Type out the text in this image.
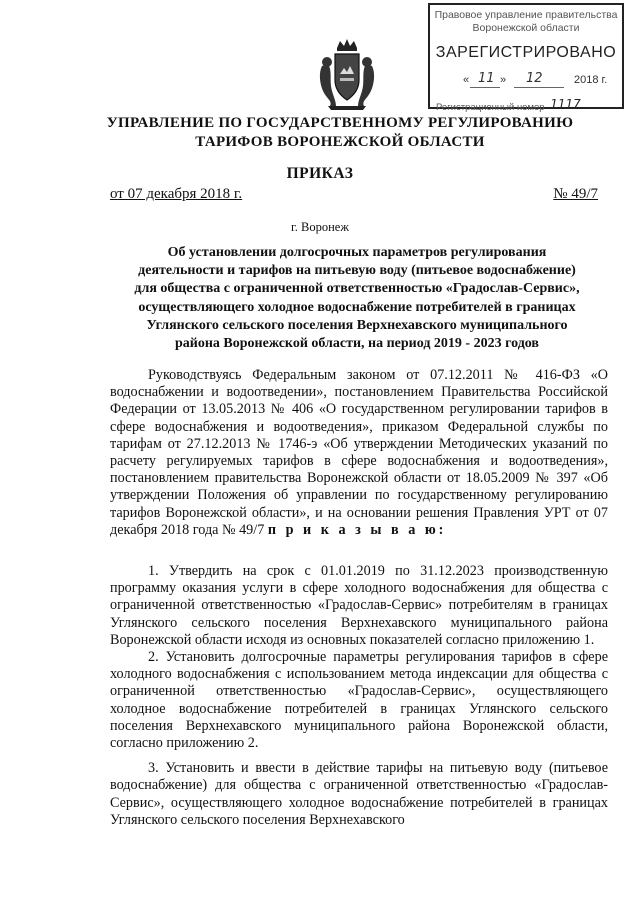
Правовое управление правительства Воронежской области
ЗАРЕГИСТРИРОВАНО
« 11 » 12	2018 г.
Регистрационный номер 1117
УПРАВЛЕНИЕ ПО ГОСУДАРСТВЕННОМУ РЕГУЛИРОВАНИЮ
ТАРИФОВ ВОРОНЕЖСКОЙ ОБЛАСТИ
ПРИКАЗ
от 07 декабря 2018 г.	№ 49/7
г. Воронеж
Об установлении долгосрочных параметров регулирования
деятельности и тарифов на питьевую воду (питьевое водоснабжение)
для общества с ограниченной ответственностью «Градослав-Сервис»,
осуществляющего холодное водоснабжение потребителей в границах
Углянского сельского поселения Верхнехавского муниципального
района Воронежской области, на период 2019 - 2023 годов

Руководствуясь Федеральным законом от 07.12.2011 № 416-ФЗ «О водоснабжении и водоотведении», постановлением Правительства Российской Федерации от 13.05.2013 № 406 «О государственном регулировании тарифов в сфере водоснабжения и водоотведения», приказом Федеральной службы по тарифам от 27.12.2013 № 1746-э «Об утверждении Методических указаний по расчету регулируемых тарифов в сфере водоснабжения и водоотведения», постановлением правительства Воронежской области от 18.05.2009 № 397 «Об утверждении Положения об управлении по государственному регулированию тарифов Воронежской области», и на основании решения Правления УРТ от 07 декабря 2018 года № 49/7 п р и к а з ы в а ю:

1. Утвердить на срок с 01.01.2019 по 31.12.2023 производственную программу оказания услуги в сфере холодного водоснабжения для общества с ограниченной ответственностью «Градослав-Сервис» потребителям в границах Углянского сельского поселения Верхнехавского муниципального района Воронежской области исходя из основных показателей согласно приложению 1.

2. Установить долгосрочные параметры регулирования тарифов в сфере холодного водоснабжения с использованием метода индексации для общества с ограниченной ответственностью «Градослав-Сервис», осуществляющего холодное водоснабжение потребителей в границах Углянского сельского поселения Верхнехавского муниципального района Воронежской области, согласно приложению 2.

3. Установить и ввести в действие тарифы на питьевую воду (питьевое водоснабжение) для общества с ограниченной ответственностью «Градослав-Сервис», осуществляющего холодное водоснабжение потребителей в границах Углянского сельского поселения Верхнехавского
